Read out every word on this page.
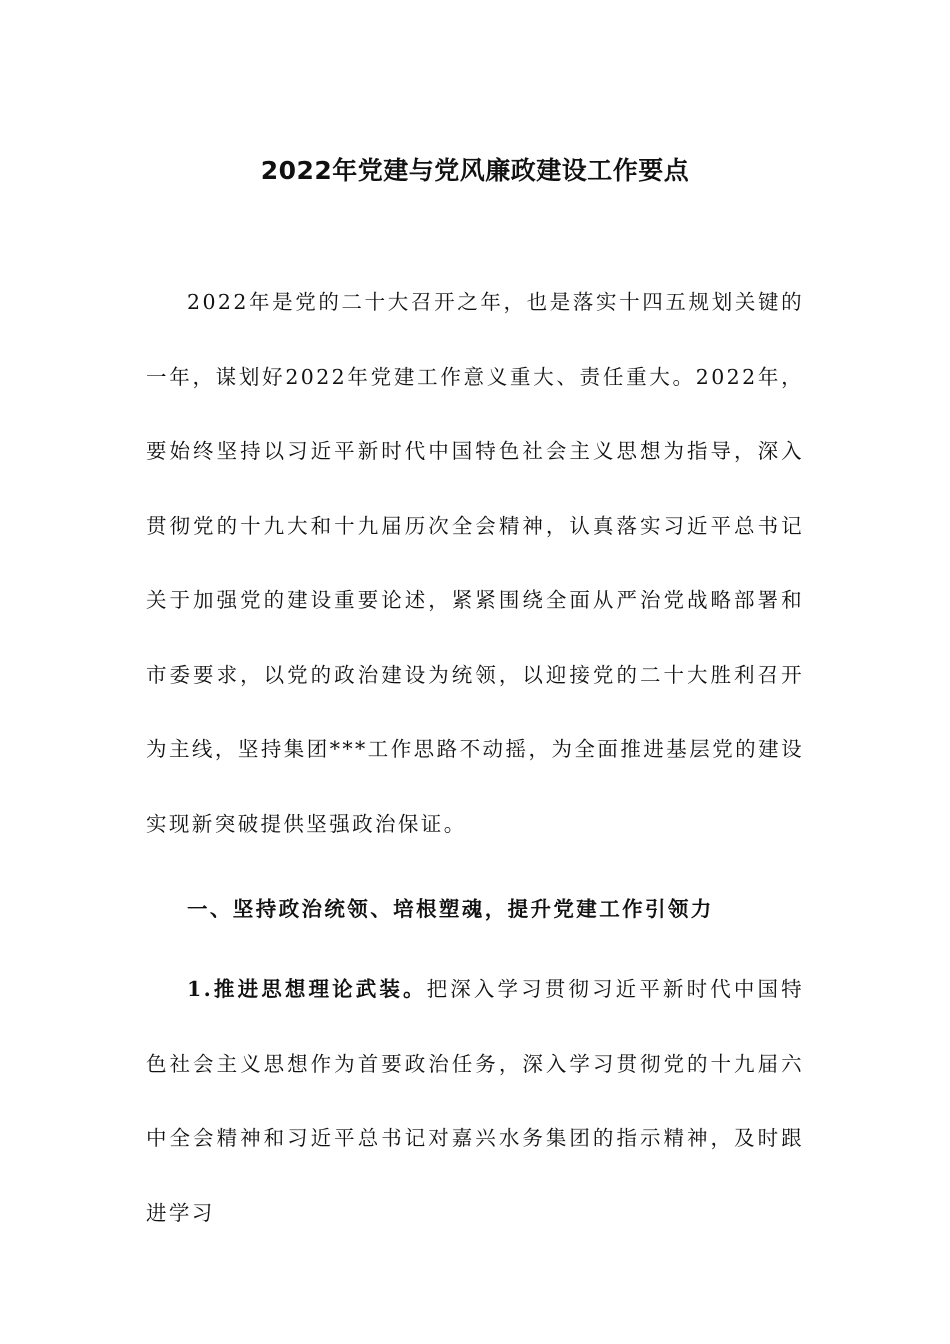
2022年党建与党风廉政建设工作要点

2022年是党的二十大召开之年，也是落实十四五规划关键的一年，谋划好2022年党建工作意义重大、责任重大。2022年，要始终坚持以习近平新时代中国特色社会主义思想为指导，深入贯彻党的十九大和十九届历次全会精神，认真落实习近平总书记关于加强党的建设重要论述，紧紧围绕全面从严治党战略部署和市委要求，以党的政治建设为统领，以迎接党的二十大胜利召开为主线，坚持集团***工作思路不动摇，为全面推进基层党的建设实现新突破提供坚强政治保证。

一、坚持政治统领、培根塑魂，提升党建工作引领力

1.推进思想理论武装。把深入学习贯彻习近平新时代中国特色社会主义思想作为首要政治任务，深入学习贯彻党的十九届六中全会精神和习近平总书记对嘉兴水务集团的指示精神，及时跟进学习
